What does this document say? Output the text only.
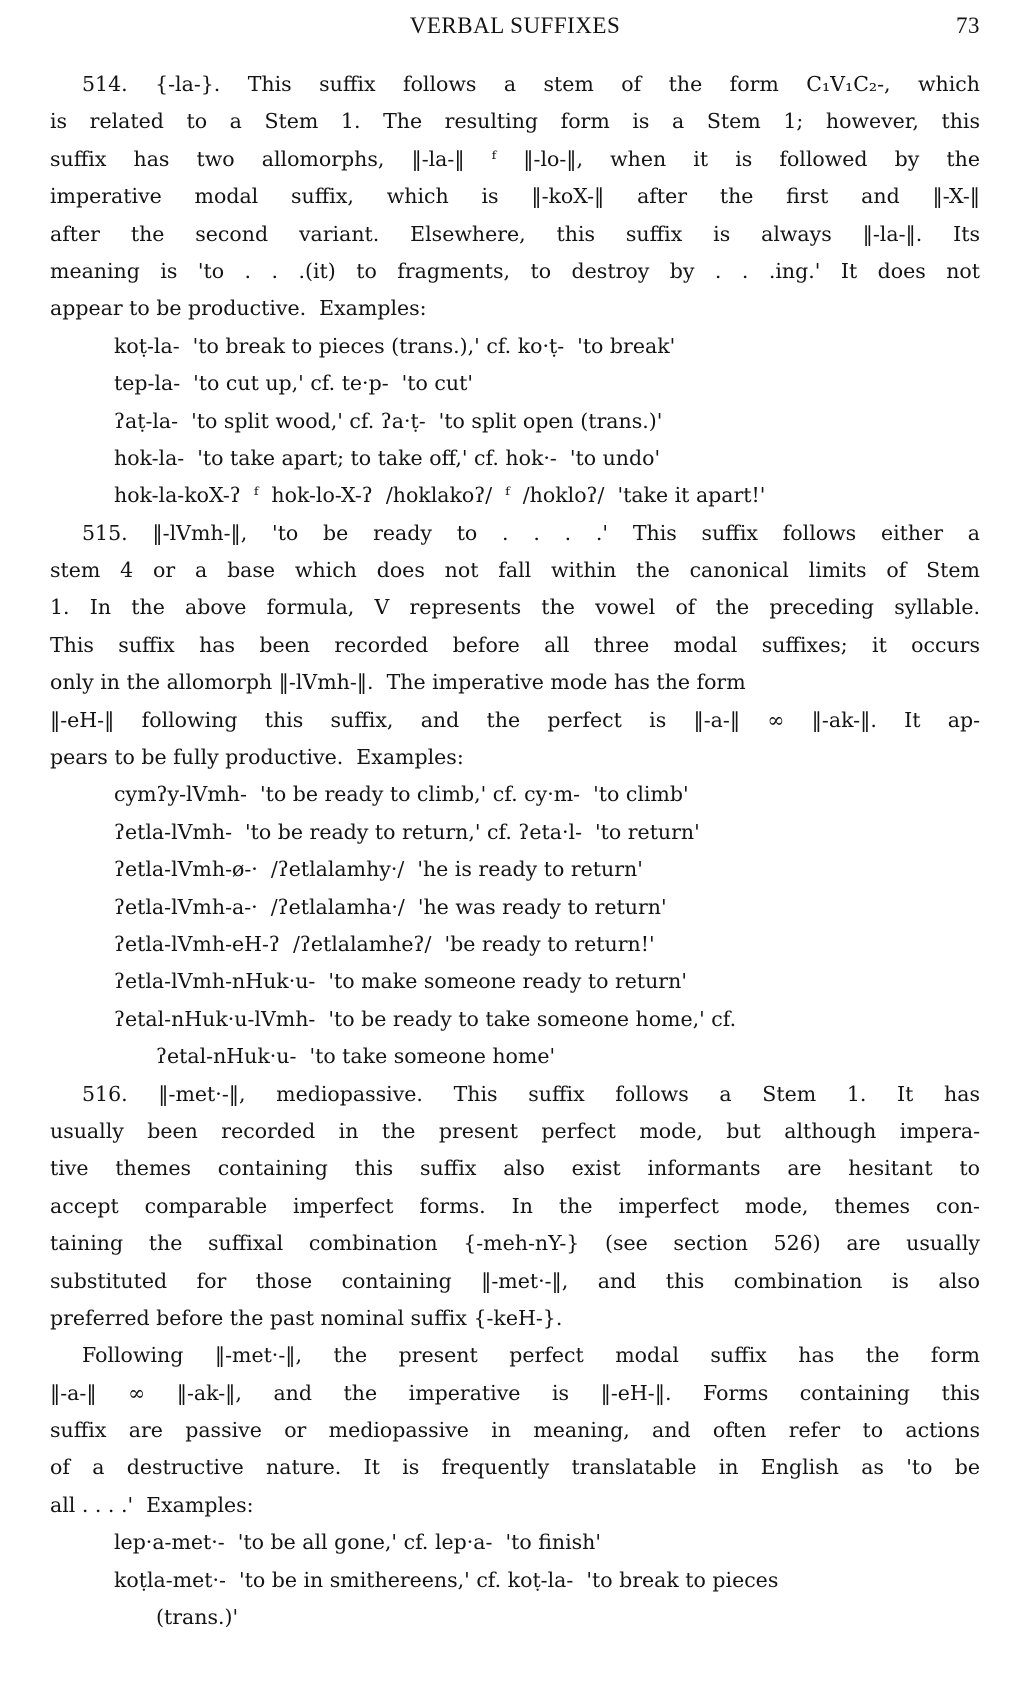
VERBAL SUFFIXES	73
514. {-la-}. This suffix follows a stem of the form C₁V₁C₂-, which
is related to a Stem 1. The resulting form is a Stem 1; however, this
suffix has two allomorphs, ‖-la-‖ ᶠ ‖-lo-‖, when it is followed by the
imperative modal suffix, which is ‖-koX-‖ after the first and ‖-X-‖
after the second variant. Elsewhere, this suffix is always ‖-la-‖. Its
meaning is 'to . . .(it) to fragments, to destroy by . . .ing.' It does not
appear to be productive.  Examples:
koṭ-la-  'to break to pieces (trans.),' cf. ko·ṭ-  'to break'
tep-la-  'to cut up,' cf. te·p-  'to cut'
ʔaṭ-la-  'to split wood,' cf. ʔa·ṭ-  'to split open (trans.)'
hok-la-  'to take apart; to take off,' cf. hok·-  'to undo'
hok-la-koX-ʔ  ᶠ  hok-lo-X-ʔ  /hoklakoʔ/  ᶠ  /hokloʔ/  'take it apart!'
515. ‖-lVmh-‖, 'to be ready to . . . .' This suffix follows either a
stem 4 or a base which does not fall within the canonical limits of Stem
1. In the above formula, V represents the vowel of the preceding syllable.
This suffix has been recorded before all three modal suffixes; it occurs
only in the allomorph ‖-lVmh-‖.  The imperative mode has the form
‖-eH-‖ following this suffix, and the perfect is ‖-a-‖ ∞ ‖-ak-‖. It ap-
pears to be fully productive.  Examples:
cymʔy-lVmh-  'to be ready to climb,' cf. cy·m-  'to climb'
ʔetla-lVmh-  'to be ready to return,' cf. ʔeta·l-  'to return'
ʔetla-lVmh-ø-·  /ʔetlalamhy·/  'he is ready to return'
ʔetla-lVmh-a-·  /ʔetlalamha·/  'he was ready to return'
ʔetla-lVmh-eH-ʔ  /ʔetlalamheʔ/  'be ready to return!'
ʔetla-lVmh-nHuk·u-  'to make someone ready to return'
ʔetal-nHuk·u-lVmh-  'to be ready to take someone home,' cf.
ʔetal-nHuk·u-  'to take someone home'
516. ‖-met·-‖, mediopassive. This suffix follows a Stem 1. It has
usually been recorded in the present perfect mode, but although impera-
tive themes containing this suffix also exist informants are hesitant to
accept comparable imperfect forms. In the imperfect mode, themes con-
taining the suffixal combination {-meh-nY-} (see section 526) are usually
substituted for those containing ‖-met·-‖, and this combination is also
preferred before the past nominal suffix {-keH-}.
Following ‖-met·-‖, the present perfect modal suffix has the form
‖-a-‖ ∞ ‖-ak-‖, and the imperative is ‖-eH-‖. Forms containing this
suffix are passive or mediopassive in meaning, and often refer to actions
of a destructive nature. It is frequently translatable in English as 'to be
all . . . .'  Examples:
lep·a-met·-  'to be all gone,' cf. lep·a-  'to finish'
koṭla-met·-  'to be in smithereens,' cf. koṭ-la-  'to break to pieces
(trans.)'
